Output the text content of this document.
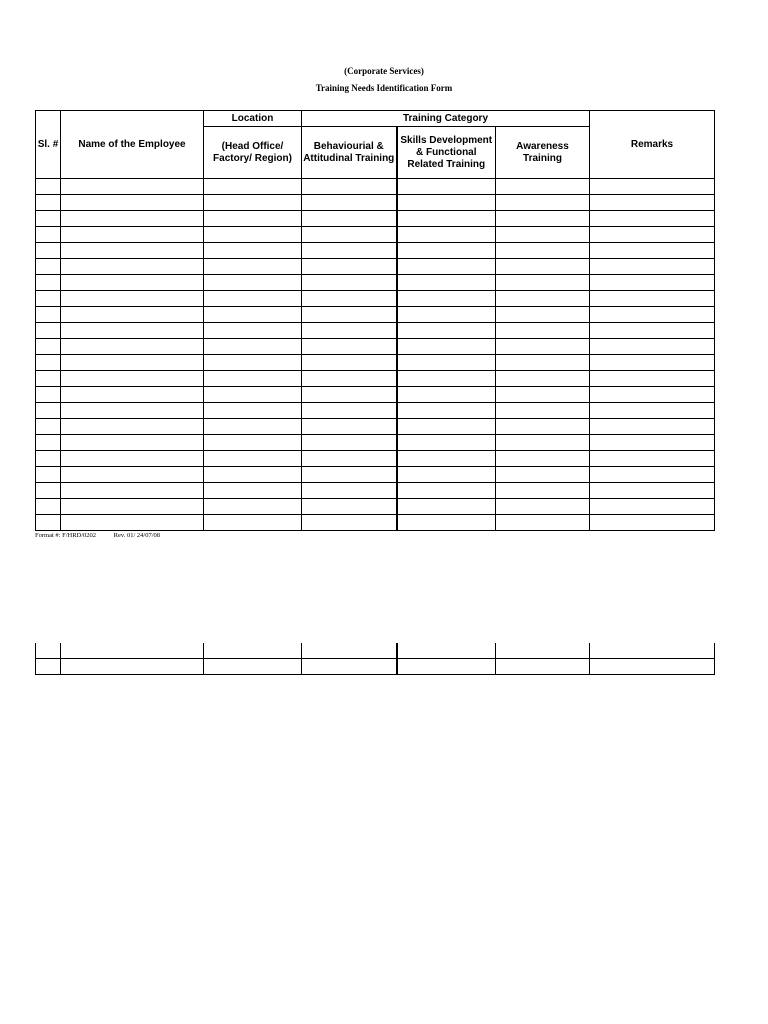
(Corporate Services)
Training Needs Identification Form
Sl. #	Name of the Employee	Location	Training Category			Remarks
		(Head Office/ Factory/ Region)	Behaviourial & Attitudinal Training	Skills Development & Functional Related Training	Awareness Training	

Format #: F/HRD/0202	Rev. 01/ 24/07/08
